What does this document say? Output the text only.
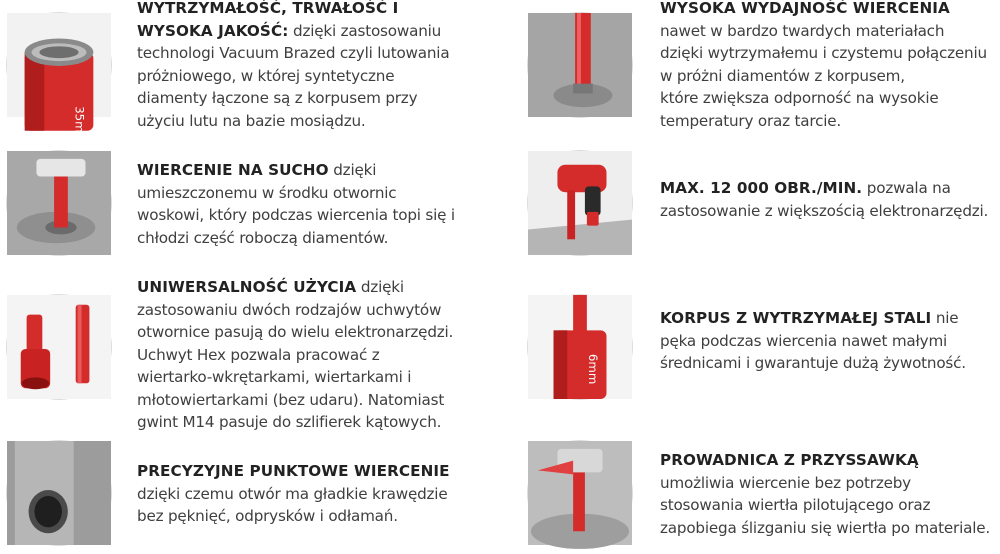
35mm
WYTRZYMAŁOŚĆ, TRWAŁOŚĆ I
WYSOKA JAKOŚĆ: dzięki zastosowaniu
technologi Vacuum Brazed czyli lutowania
próżniowego, w której syntetyczne
diamenty łączone są z korpusem przy
użyciu lutu na bazie mosiądzu.
WIERCENIE NA SUCHO dzięki
umieszczonemu w środku otwornic
woskowi, który podczas wiercenia topi się i
chłodzi część roboczą diamentów.
UNIWERSALNOŚĆ UŻYCIA dzięki
zastosowaniu dwóch rodzajów uchwytów
otwornice pasują do wielu elektronarzędzi.
Uchwyt Hex pozwala pracować z
wiertarko-wkrętarkami, wiertarkami i
młotowiertarkami (bez udaru). Natomiast
gwint M14 pasuje do szlifierek kątowych.
PRECYZYJNE PUNKTOWE WIERCENIE
dzięki czemu otwór ma gładkie krawędzie
bez pęknięć, odprysków i odłamań.
WYSOKA WYDAJNOŚĆ WIERCENIA
nawet w bardzo twardych materiałach
dzięki wytrzymałemu i czystemu połączeniu
w próżni diamentów z korpusem,
które zwiększa odporność na wysokie
temperatury oraz tarcie.
MAX. 12 000 OBR./MIN. pozwala na
zastosowanie z większością elektronarzędzi.
6mm
KORPUS Z WYTRZYMAŁEJ STALI nie
pęka podczas wiercenia nawet małymi
średnicami i gwarantuje dużą żywotność.
PROWADNICA Z PRZYSSAWKĄ
umożliwia wiercenie bez potrzeby
stosowania wiertła pilotującego oraz
zapobiega ślizganiu się wiertła po materiale.
